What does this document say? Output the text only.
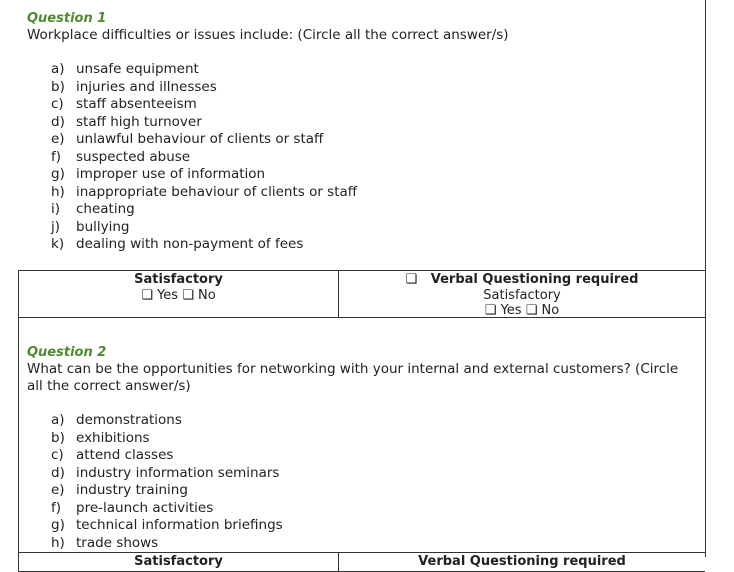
Question 1
Workplace difficulties or issues include: (Circle all the correct answer/s)
a) unsafe equipment
b) injuries and illnesses
c) staff absenteeism
d) staff high turnover
e) unlawful behaviour of clients or staff
f) suspected abuse
g) improper use of information
h) inappropriate behaviour of clients or staff
i) cheating
j) bullying
k) dealing with non-payment of fees
Satisfactory
❏ Yes ❏ No
❏ Verbal Questioning required
Satisfactory
❏ Yes ❏ No
Question 2
What can be the opportunities for networking with your internal and external customers? (Circle all the correct answer/s)
a) demonstrations
b) exhibitions
c) attend classes
d) industry information seminars
e) industry training
f) pre-launch activities
g) technical information briefings
h) trade shows
Satisfactory	Verbal Questioning required
